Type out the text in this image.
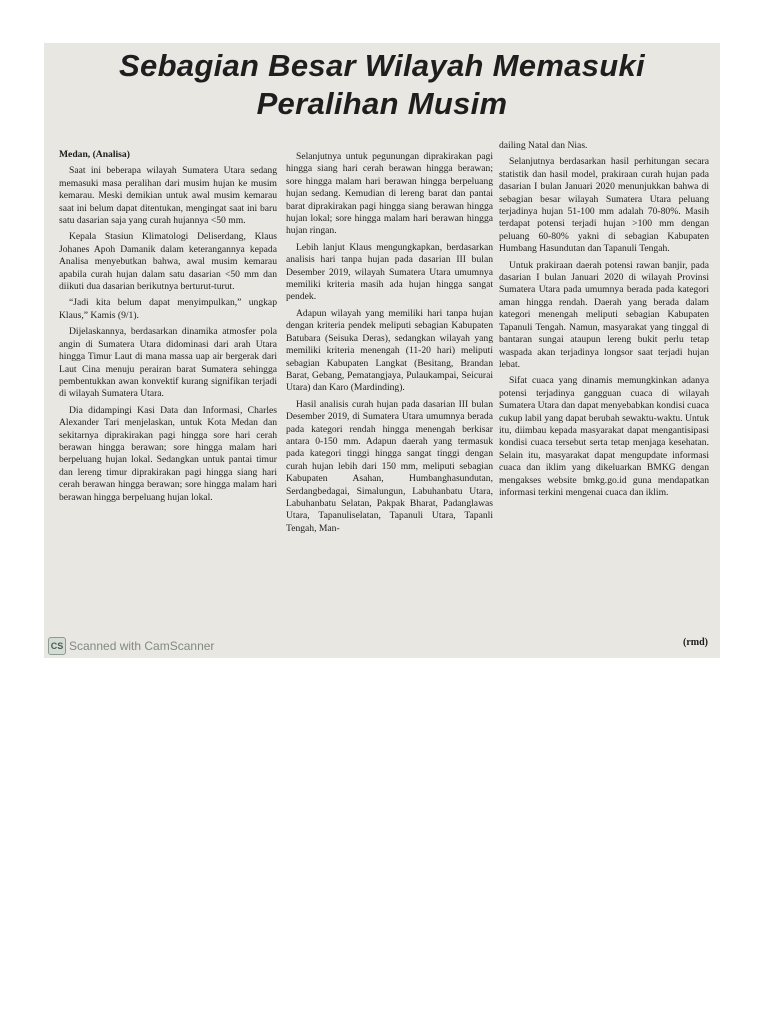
Sebagian Besar Wilayah Memasuki
Peralihan Musim

Medan, (Analisa)

Saat ini beberapa wilayah Sumatera Utara sedang memasuki masa peralihan dari musim hujan ke musim kemarau. Meski demikian untuk awal musim kemarau saat ini belum dapat ditentukan, mengingat saat ini baru satu dasarian saja yang curah hujannya <50 mm.

Kepala Stasiun Klimatologi Deliserdang, Klaus Johanes Apoh Damanik dalam keterangannya kepada Analisa menyebutkan bahwa, awal musim kemarau apabila curah hujan dalam satu dasarian <50 mm dan diikuti dua dasarian berikutnya berturut-turut.

“Jadi kita belum dapat menyimpulkan,” ungkap Klaus,” Kamis (9/1).

Dijelaskannya, berdasarkan dinamika atmosfer pola angin di Sumatera Utara didominasi dari arah Utara hingga Timur Laut di mana massa uap air bergerak dari Laut Cina menuju perairan barat Sumatera sehingga pembentukkan awan konvektif kurang signifikan terjadi di wilayah Sumatera Utara.

Dia didampingi Kasi Data dan Informasi, Charles Alexander Tari menjelaskan, untuk Kota Medan dan sekitarnya diprakirakan pagi hingga sore hari cerah berawan hingga berawan; sore hingga malam hari berpeluang hujan lokal. Sedangkan untuk pantai timur dan lereng timur diprakirakan pagi hingga siang hari cerah berawan hingga berawan; sore hingga malam hari berawan hingga berpeluang hujan lokal.

Selanjutnya untuk pegunungan diprakirakan pagi hingga siang hari cerah berawan hingga berawan; sore hingga malam hari berawan hingga berpeluang hujan sedang. Kemudian di lereng barat dan pantai barat diprakirakan pagi hingga siang berawan hingga hujan lokal; sore hingga malam hari berawan hingga hujan ringan.

Lebih lanjut Klaus mengungkapkan, berdasarkan analisis hari tanpa hujan pada dasarian III bulan Desember 2019, wilayah Sumatera Utara umumnya memiliki kriteria masih ada hujan hingga sangat pendek.

Adapun wilayah yang memiliki hari tanpa hujan dengan kriteria pendek meliputi sebagian Kabupaten Batubara (Seisuka Deras), sedangkan wilayah yang memiliki kriteria menengah (11-20 hari) meliputi sebagian Kabupaten Langkat (Besitang, Brandan Barat, Gebang, Pematangjaya, Pulaukampai, Seicurai Utara) dan Karo (Mardinding).

Hasil analisis curah hujan pada dasarian III bulan Desember 2019, di Sumatera Utara umumnya berada pada kategori rendah hingga menengah berkisar antara 0-150 mm. Adapun daerah yang termasuk pada kategori tinggi hingga sangat tinggi dengan curah hujan lebih dari 150 mm, meliputi sebagian Kabupaten Asahan, Humbanghasundutan, Serdangbedagai, Simalungun, Labuhanbatu Utara, Labuhanbatu Selatan, Pakpak Bharat, Padanglawas Utara, Tapanuliselatan, Tapanuli Utara, Tapanli Tengah, Man-

dailing Natal dan Nias.

Selanjutnya berdasarkan hasil perhitungan secara statistik dan hasil model, prakiraan curah hujan pada dasarian I bulan Januari 2020 menunjukkan bahwa di sebagian besar wilayah Sumatera Utara peluang terjadinya hujan 51-100 mm adalah 70-80%. Masih terdapat potensi terjadi hujan >100 mm dengan peluang 60-80% yakni di sebagian Kabupaten Humbang Hasundutan dan Tapanuli Tengah.

Untuk prakiraan daerah potensi rawan banjir, pada dasarian I bulan Januari 2020 di wilayah Provinsi Sumatera Utara pada umumnya berada pada kategori aman hingga rendah. Daerah yang berada dalam kategori menengah meliputi sebagian Kabupaten Tapanuli Tengah. Namun, masyarakat yang tinggal di bantaran sungai ataupun lereng bukit perlu tetap waspada akan terjadinya longsor saat terjadi hujan lebat.

Sifat cuaca yang dinamis memungkinkan adanya potensi terjadinya gangguan cuaca di wilayah Sumatera Utara dan dapat menyebabkan kondisi cuaca cukup labil yang dapat berubah sewaktu-waktu. Untuk itu, diimbau kepada masyarakat dapat mengantisipasi kondisi cuaca tersebut serta tetap menjaga kesehatan. Selain itu, masyarakat dapat mengupdate informasi cuaca dan iklim yang dikeluarkan BMKG dengan mengakses website bmkg.go.id guna mendapatkan informasi terkini mengenai cuaca dan iklim.

(rmd)
CS Scanned with CamScanner
